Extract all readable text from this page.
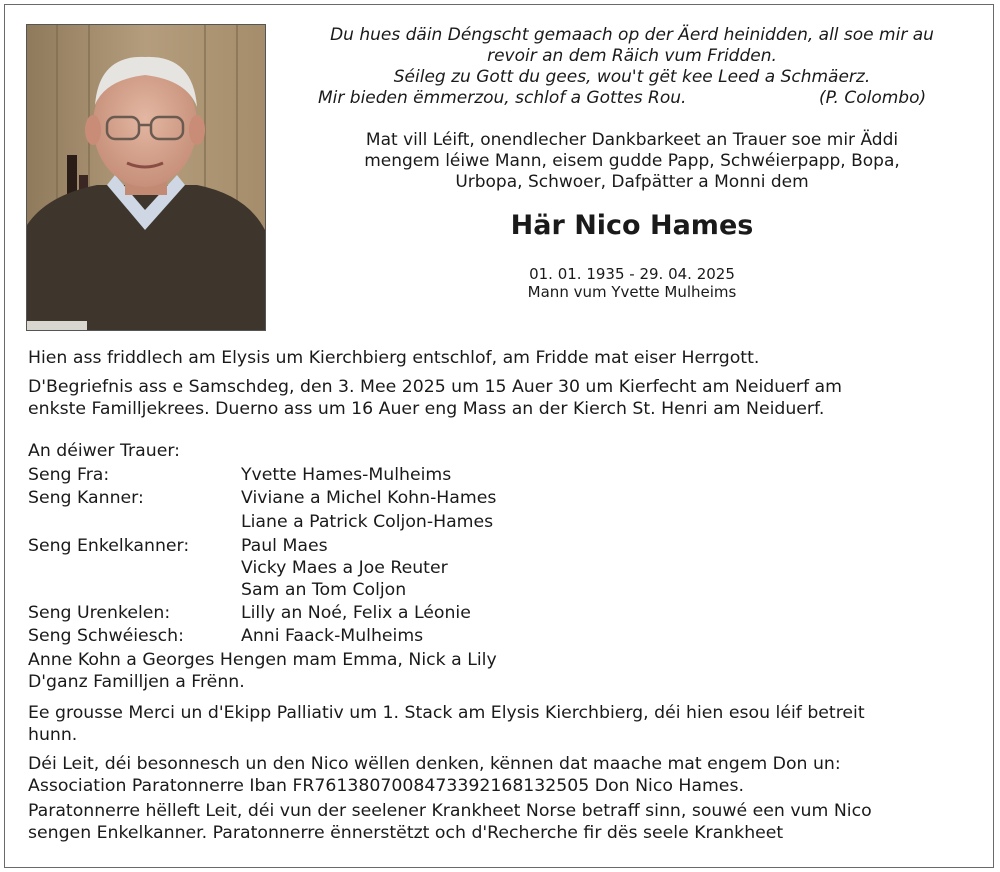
Du hues däin Déngscht gemaach op der Äerd heinidden, all soe mir au
revoir an dem Räich vum Fridden.
Séileg zu Gott du gees, wou't gët kee Leed a Schmäerz.
Mir bieden ëmmerzou, schlof a Gottes Rou.	(P. Colombo)
Mat vill Léift, onendlecher Dankbarkeet an Trauer soe mir Äddi
mengem léiwe Mann, eisem gudde Papp, Schwéierpapp, Bopa,
Urbopa, Schwoer, Dafpätter a Monni dem
Här Nico Hames
01. 01. 1935 - 29. 04. 2025
Mann vum Yvette Mulheims
Hien ass friddlech am Elysis um Kierchbierg entschlof, am Fridde mat eiser Herrgott.
D'Begriefnis ass e Samschdeg, den 3. Mee 2025 um 15 Auer 30 um Kierfecht am Neiduerf am
enkste Familljekrees. Duerno ass um 16 Auer eng Mass an der Kierch St. Henri am Neiduerf.
An déiwer Trauer:
Seng Fra:	Yvette Hames-Mulheims
Seng Kanner:	Viviane a Michel Kohn-Hames
Liane a Patrick Coljon-Hames
Seng Enkelkanner:	Paul Maes
Vicky Maes a Joe Reuter
Sam an Tom Coljon
Seng Urenkelen:	Lilly an Noé, Felix a Léonie
Seng Schwéiesch:	Anni Faack-Mulheims
Anne Kohn a Georges Hengen mam Emma, Nick a Lily
D'ganz Familljen a Frënn.
Ee grousse Merci un d'Ekipp Palliativ um 1. Stack am Elysis Kierchbierg, déi hien esou léif betreit
hunn.
Déi Leit, déi besonnesch un den Nico wëllen denken, kënnen dat maache mat engem Don un:
Association Paratonnerre Iban FR7613807008473392168132505 Don Nico Hames.
Paratonnerre hëlleft Leit, déi vun der seelener Krankheet Norse betraff sinn, souwé een vum Nico
sengen Enkelkanner. Paratonnerre ënnerstëtzt och d'Recherche fir dës seele Krankheet
